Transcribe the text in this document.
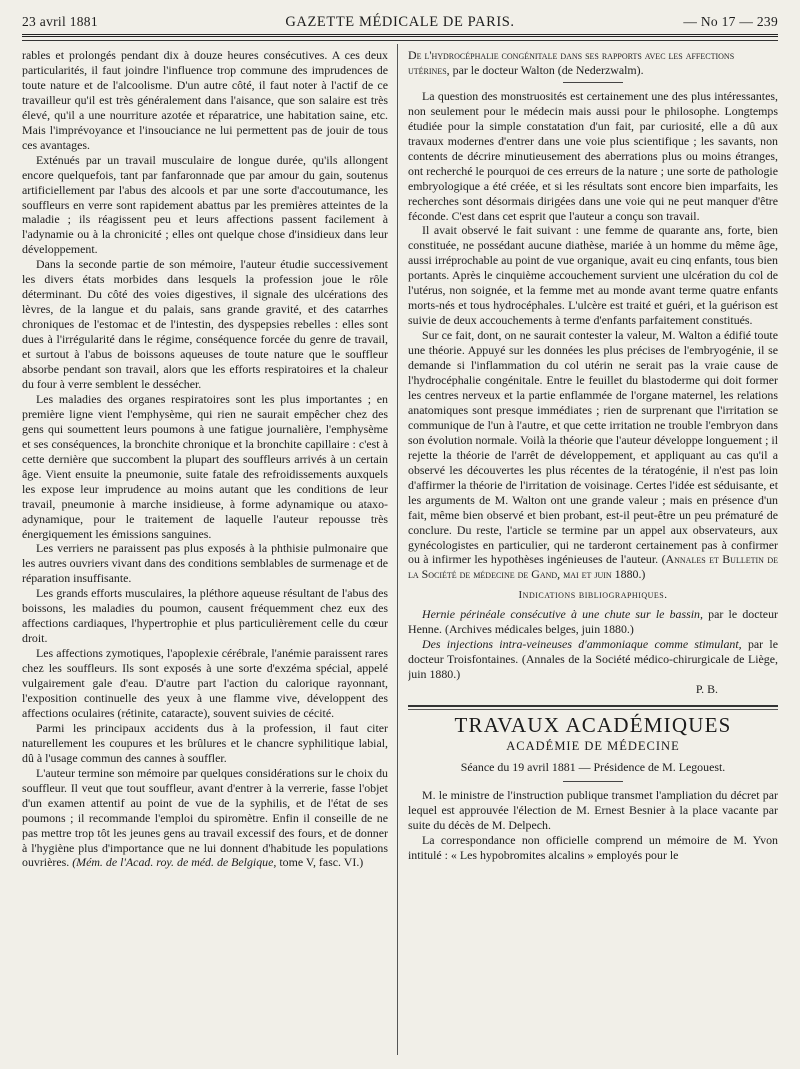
23 avril 1881	GAZETTE MÉDICALE DE PARIS.	— No 17 — 239

rables et prolongés pendant dix à douze heures consécutives. A ces deux particularités, il faut joindre l'influence trop commune des imprudences de toute nature et de l'alcoolisme. D'un autre côté, il faut noter à l'actif de ce travailleur qu'il est très généralement dans l'aisance, que son salaire est très élevé, qu'il a une nourriture azotée et réparatrice, une habitation saine, etc. Mais l'imprévoyance et l'insouciance ne lui permettent pas de jouir de tous ces avantages.

Exténués par un travail musculaire de longue durée, qu'ils allongent encore quelquefois, tant par fanfaronnade que par amour du gain, soutenus artificiellement par l'abus des alcools et par une sorte d'accoutumance, les souffleurs en verre sont rapidement abattus par les premières atteintes de la maladie ; ils réagissent peu et leurs affections passent facilement à l'adynamie ou à la chronicité ; elles ont quelque chose d'insidieux dans leur développement.

Dans la seconde partie de son mémoire, l'auteur étudie successivement les divers états morbides dans lesquels la profession joue le rôle déterminant. Du côté des voies digestives, il signale des ulcérations des lèvres, de la langue et du palais, sans grande gravité, et des catarrhes chroniques de l'estomac et de l'intestin, des dyspepsies rebelles : elles sont dues à l'irrégularité dans le régime, conséquence forcée du genre de travail, et surtout à l'abus de boissons aqueuses de toute nature que le souffleur absorbe pendant son travail, alors que les efforts respiratoires et la chaleur du four à verre semblent le dessécher.

Les maladies des organes respiratoires sont les plus importantes ; en première ligne vient l'emphysème, qui rien ne saurait empêcher chez des gens qui soumettent leurs poumons à une fatigue journalière, l'emphysème et ses conséquences, la bronchite chronique et la bronchite capillaire : c'est à cette dernière que succombent la plupart des souffleurs arrivés à un certain âge. Vient ensuite la pneumonie, suite fatale des refroidissements auxquels les expose leur imprudence au moins autant que les conditions de leur travail, pneumonie à marche insidieuse, à forme adynamique ou ataxo-adynamique, pour le traitement de laquelle l'auteur repousse très énergiquement les émissions sanguines.

Les verriers ne paraissent pas plus exposés à la phthisie pulmonaire que les autres ouvriers vivant dans des conditions semblables de surmenage et de réparation insuffisante.

Les grands efforts musculaires, la pléthore aqueuse résultant de l'abus des boissons, les maladies du poumon, causent fréquemment chez eux des affections cardiaques, l'hypertrophie et plus particulièrement celle du cœur droit.

Les affections zymotiques, l'apoplexie cérébrale, l'anémie paraissent rares chez les souffleurs. Ils sont exposés à une sorte d'exzéma spécial, appelé vulgairement gale d'eau. D'autre part l'action du calorique rayonnant, l'exposition continuelle des yeux à une flamme vive, développent des affections oculaires (rétinite, cataracte), souvent suivies de cécité.

Parmi les principaux accidents dus à la profession, il faut citer naturellement les coupures et les brûlures et le chancre syphilitique labial, dû à l'usage commun des cannes à souffler.

L'auteur termine son mémoire par quelques considérations sur le choix du souffleur. Il veut que tout souffleur, avant d'entrer à la verrerie, fasse l'objet d'un examen attentif au point de vue de la syphilis, et de l'état de ses poumons ; il recommande l'emploi du spiromètre. Enfin il conseille de ne pas mettre trop tôt les jeunes gens au travail excessif des fours, et de donner à l'hygiène plus d'importance que ne lui donnent d'habitude les populations ouvrières. (Mém. de l'Acad. roy. de méd. de Belgique, tome V, fasc. VI.)

De l'hydrocéphalie congénitale dans ses rapports avec les affections utérines, par le docteur Walton (de Nederzwalm).

La question des monstruosités est certainement une des plus intéressantes, non seulement pour le médecin mais aussi pour le philosophe. Longtemps étudiée pour la simple constatation d'un fait, par curiosité, elle a dû aux travaux modernes d'entrer dans une voie plus scientifique ; les savants, non contents de décrire minutieusement des aberrations plus ou moins étranges, ont recherché le pourquoi de ces erreurs de la nature ; une sorte de pathologie embryologique a été créée, et si les résultats sont encore bien imparfaits, les recherches sont désormais dirigées dans une voie qui ne peut manquer d'être féconde. C'est dans cet esprit que l'auteur a conçu son travail.

Il avait observé le fait suivant : une femme de quarante ans, forte, bien constituée, ne possédant aucune diathèse, mariée à un homme du même âge, aussi irréprochable au point de vue organique, avait eu cinq enfants, tous bien portants. Après le cinquième accouchement survient une ulcération du col de l'utérus, non soignée, et la femme met au monde avant terme quatre enfants morts-nés et tous hydrocéphales. L'ulcère est traité et guéri, et la guérison est suivie de deux accouchements à terme d'enfants parfaitement constitués.

Sur ce fait, dont, on ne saurait contester la valeur, M. Walton a édifié toute une théorie. Appuyé sur les données les plus précises de l'embryogénie, il se demande si l'inflammation du col utérin ne serait pas la vraie cause de l'hydrocéphalie congénitale. Entre le feuillet du blastoderme qui doit former les centres nerveux et la partie enflammée de l'organe maternel, les relations anatomiques sont presque immédiates ; rien de surprenant que l'irritation se communique de l'un à l'autre, et que cette irritation ne trouble l'embryon dans son évolution normale. Voilà la théorie que l'auteur développe longuement ; il rejette la théorie de l'arrêt de développement, et appliquant au cas qu'il a observé les découvertes les plus récentes de la tératogénie, il n'est pas loin d'affirmer la théorie de l'irritation de voisinage. Certes l'idée est séduisante, et les arguments de M. Walton ont une grande valeur ; mais en présence d'un fait, même bien observé et bien probant, est-il peut-être un peu prématuré de conclure. Du reste, l'article se termine par un appel aux observateurs, aux gynécologistes en particulier, qui ne tarderont certainement pas à confirmer ou à infirmer les hypothèses ingénieuses de l'auteur. (Annales et Bulletin de la Société de médecine de Gand, mai et juin 1880.)

Indications bibliographiques.

Hernie périnéale consécutive à une chute sur le bassin, par le docteur Henne. (Archives médicales belges, juin 1880.)

Des injections intra-veineuses d'ammoniaque comme stimulant, par le docteur Troisfontaines. (Annales de la Société médico-chirurgicale de Liège, juin 1880.)

P. B.

TRAVAUX ACADÉMIQUES

ACADÉMIE DE MÉDECINE

Séance du 19 avril 1881 — Présidence de M. Legouest.

M. le ministre de l'instruction publique transmet l'ampliation du décret par lequel est approuvée l'élection de M. Ernest Besnier à la place vacante par suite du décès de M. Delpech.

La correspondance non officielle comprend un mémoire de M. Yvon intitulé : « Les hypobromites alcalins » employés pour le
